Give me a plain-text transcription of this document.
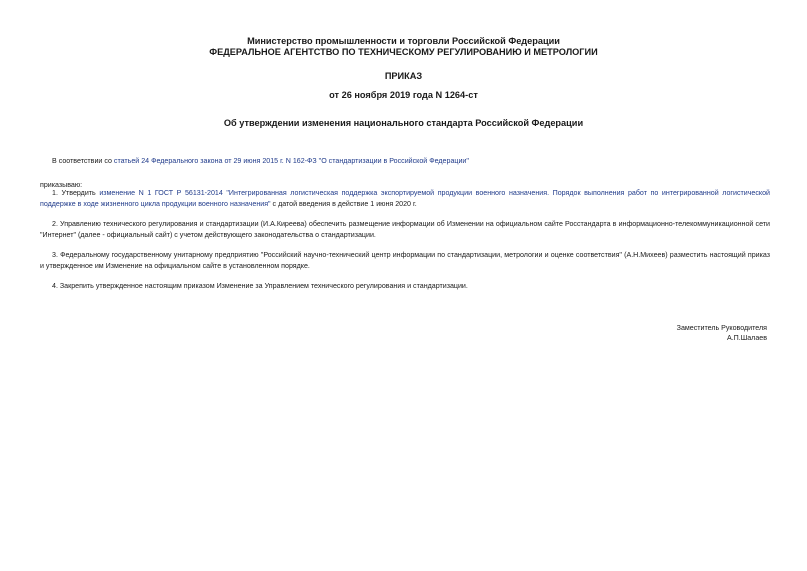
Министерство промышленности и торговли Российской Федерации
ФЕДЕРАЛЬНОЕ АГЕНТСТВО ПО ТЕХНИЧЕСКОМУ РЕГУЛИРОВАНИЮ И МЕТРОЛОГИИ
ПРИКАЗ
от 26 ноября 2019 года N 1264-ст
Об утверждении изменения национального стандарта Российской Федерации
В соответствии со статьей 24 Федерального закона от 29 июня 2015 г. N 162-ФЗ "О стандартизации в Российской Федерации"
приказываю:
1. Утвердить изменение N 1 ГОСТ Р 56131-2014 "Интегрированная логистическая поддержка экспортируемой продукции военного назначения. Порядок выполнения работ по интегрированной логистической поддержке в ходе жизненного цикла продукции военного назначения" с датой введения в действие 1 июня 2020 г.
2. Управлению технического регулирования и стандартизации (И.А.Киреева) обеспечить размещение информации об Изменении на официальном сайте Росстандарта в информационно-телекоммуникационной сети "Интернет" (далее - официальный сайт) с учетом действующего законодательства о стандартизации.
3. Федеральному государственному унитарному предприятию "Российский научно-технический центр информации по стандартизации, метрологии и оценке соответствия" (А.Н.Михеев) разместить настоящий приказ и утвержденное им Изменение на официальном сайте в установленном порядке.
4. Закрепить утвержденное настоящим приказом Изменение за Управлением технического регулирования и стандартизации.
Заместитель Руководителя
А.П.Шалаев
